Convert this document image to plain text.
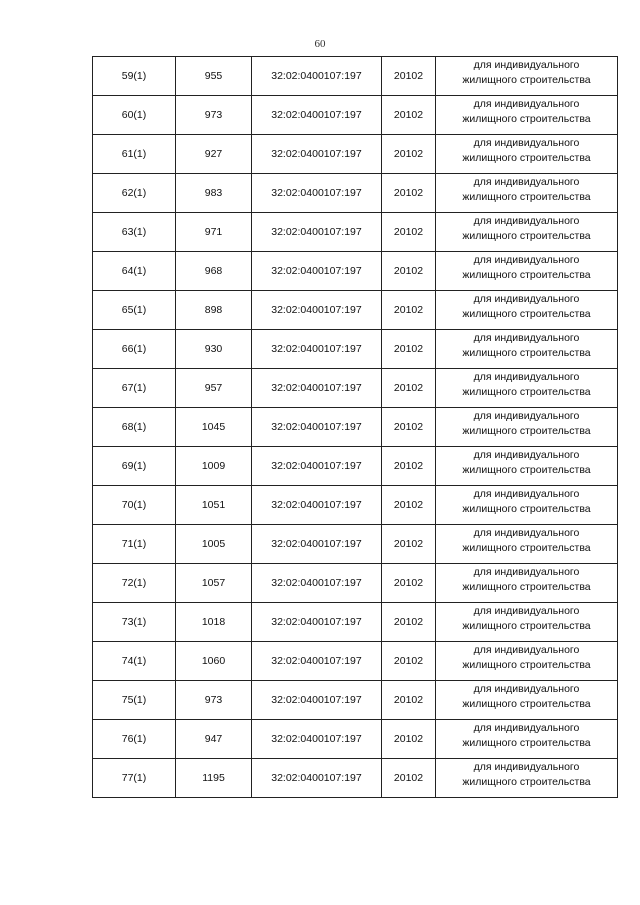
60
59(1)	955	32:02:0400107:197	20102	для индивидуального
жилищного строительства

60(1)	973	32:02:0400107:197	20102	для индивидуального
жилищного строительства

61(1)	927	32:02:0400107:197	20102	для индивидуального
жилищного строительства

62(1)	983	32:02:0400107:197	20102	для индивидуального
жилищного строительства

63(1)	971	32:02:0400107:197	20102	для индивидуального
жилищного строительства

64(1)	968	32:02:0400107:197	20102	для индивидуального
жилищного строительства

65(1)	898	32:02:0400107:197	20102	для индивидуального
жилищного строительства

66(1)	930	32:02:0400107:197	20102	для индивидуального
жилищного строительства

67(1)	957	32:02:0400107:197	20102	для индивидуального
жилищного строительства

68(1)	1045	32:02:0400107:197	20102	для индивидуального
жилищного строительства

69(1)	1009	32:02:0400107:197	20102	для индивидуального
жилищного строительства

70(1)	1051	32:02:0400107:197	20102	для индивидуального
жилищного строительства

71(1)	1005	32:02:0400107:197	20102	для индивидуального
жилищного строительства

72(1)	1057	32:02:0400107:197	20102	для индивидуального
жилищного строительства

73(1)	1018	32:02:0400107:197	20102	для индивидуального
жилищного строительства

74(1)	1060	32:02:0400107:197	20102	для индивидуального
жилищного строительства

75(1)	973	32:02:0400107:197	20102	для индивидуального
жилищного строительства

76(1)	947	32:02:0400107:197	20102	для индивидуального
жилищного строительства

77(1)	1195	32:02:0400107:197	20102	для индивидуального
жилищного строительства
